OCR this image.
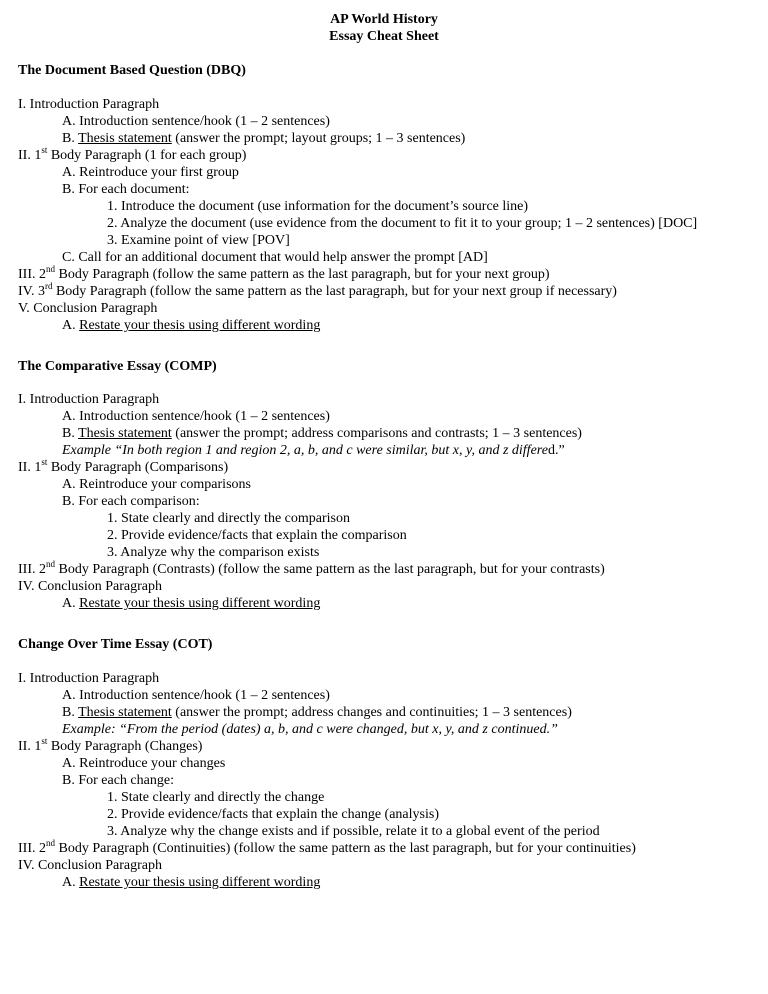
AP World History
Essay Cheat Sheet
The Document Based Question (DBQ)
I. Introduction Paragraph
A. Introduction sentence/hook (1 – 2 sentences)
B. Thesis statement (answer the prompt; layout groups; 1 – 3 sentences)
II. 1st Body Paragraph (1 for each group)
A. Reintroduce your first group
B. For each document:
1. Introduce the document (use information for the document’s source line)
2. Analyze the document (use evidence from the document to fit it to your group; 1 – 2 sentences) [DOC]
3. Examine point of view [POV]
C. Call for an additional document that would help answer the prompt [AD]
III. 2nd Body Paragraph (follow the same pattern as the last paragraph, but for your next group)
IV. 3rd Body Paragraph (follow the same pattern as the last paragraph, but for your next group if necessary)
V. Conclusion Paragraph
A. Restate your thesis using different wording
The Comparative Essay (COMP)
I. Introduction Paragraph
A. Introduction sentence/hook (1 – 2 sentences)
B. Thesis statement (answer the prompt; address comparisons and contrasts; 1 – 3 sentences)
Example “In both region 1 and region 2, a, b, and c were similar, but x, y, and z differed.”
II. 1st Body Paragraph (Comparisons)
A. Reintroduce your comparisons
B. For each comparison:
1. State clearly and directly the comparison
2. Provide evidence/facts that explain the comparison
3. Analyze why the comparison exists
III. 2nd Body Paragraph (Contrasts) (follow the same pattern as the last paragraph, but for your contrasts)
IV. Conclusion Paragraph
A. Restate your thesis using different wording
Change Over Time Essay (COT)
I. Introduction Paragraph
A. Introduction sentence/hook (1 – 2 sentences)
B. Thesis statement (answer the prompt; address changes and continuities; 1 – 3 sentences)
Example: “From the period (dates) a, b, and c were changed, but x, y, and z continued.”
II. 1st Body Paragraph (Changes)
A. Reintroduce your changes
B. For each change:
1. State clearly and directly the change
2. Provide evidence/facts that explain the change (analysis)
3. Analyze why the change exists and if possible, relate it to a global event of the period
III. 2nd Body Paragraph (Continuities) (follow the same pattern as the last paragraph, but for your continuities)
IV. Conclusion Paragraph
A. Restate your thesis using different wording
